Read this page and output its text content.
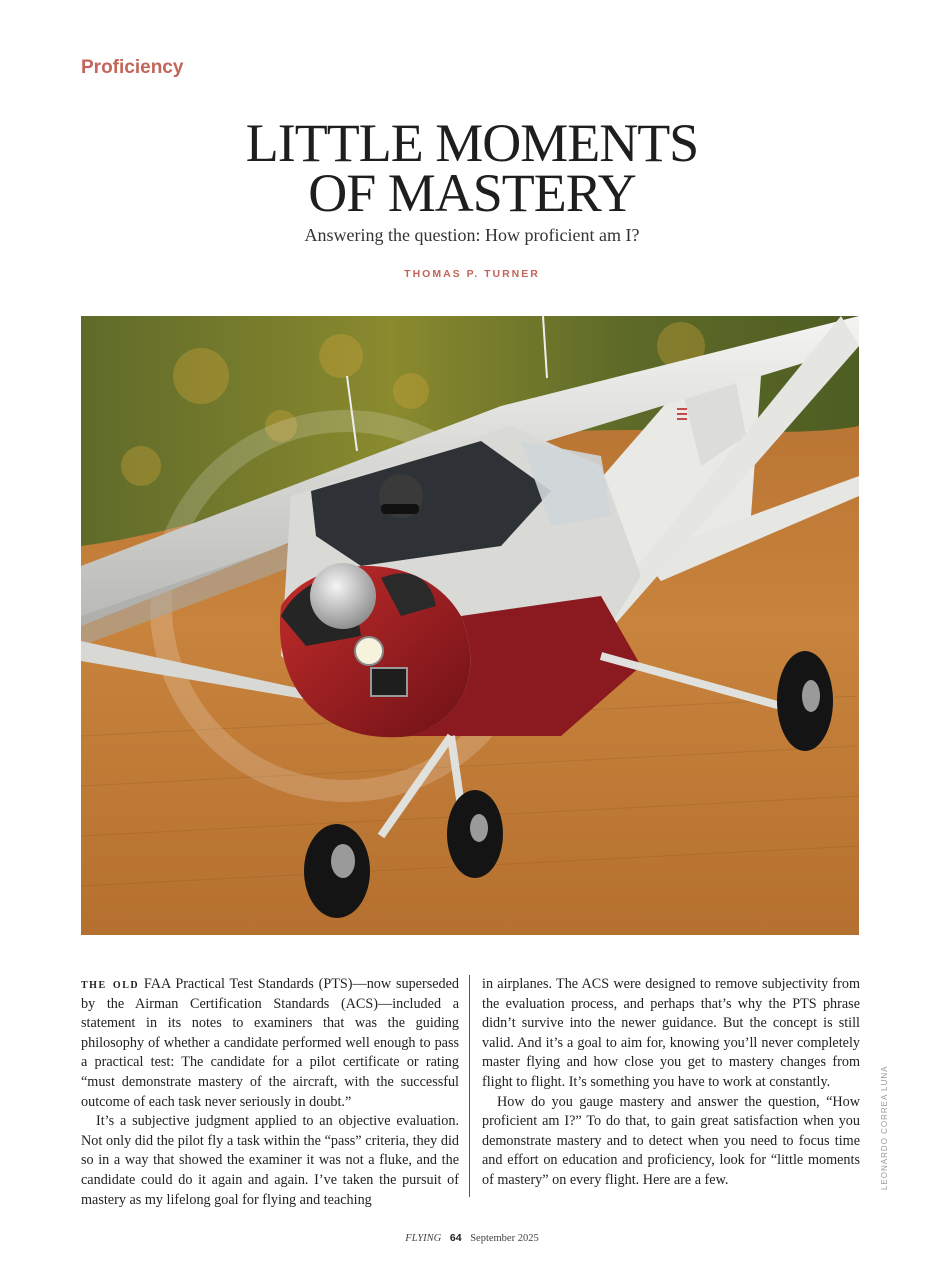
Proficiency
LITTLE MOMENTS
OF MASTERY
Answering the question: How proficient am I?
THOMAS P. TURNER

the old FAA Practical Test Standards (PTS)—now superseded by the Airman Certification Standards (ACS)—included a statement in its notes to examiners that was the guiding philosophy of whether a candidate performed well enough to pass a practical test: The candidate for a pilot certificate or rating “must demonstrate mastery of the aircraft, with the successful outcome of each task never seriously in doubt.”

It’s a subjective judgment applied to an objective evaluation. Not only did the pilot fly a task within the “pass” criteria, they did so in a way that showed the examiner it was not a fluke, and the candidate could do it again and again. I’ve taken the pursuit of mastery as my lifelong goal for flying and teaching

in airplanes. The ACS were designed to remove subjectivity from the evaluation process, and perhaps that’s why the PTS phrase didn’t survive into the newer guidance. But the concept is still valid. And it’s a goal to aim for, knowing you’ll never completely master flying and how close you get to mastery changes from flight to flight. It’s something you have to work at constantly.

How do you gauge mastery and answer the question, “How proficient am I?” To do that, to gain great satisfaction when you demonstrate mastery and to detect when you need to focus time and effort on education and proficiency, look for “little moments of mastery” on every flight. Here are a few.	LEONARDO CORREA LUNA
FLYING 64 September 2025
